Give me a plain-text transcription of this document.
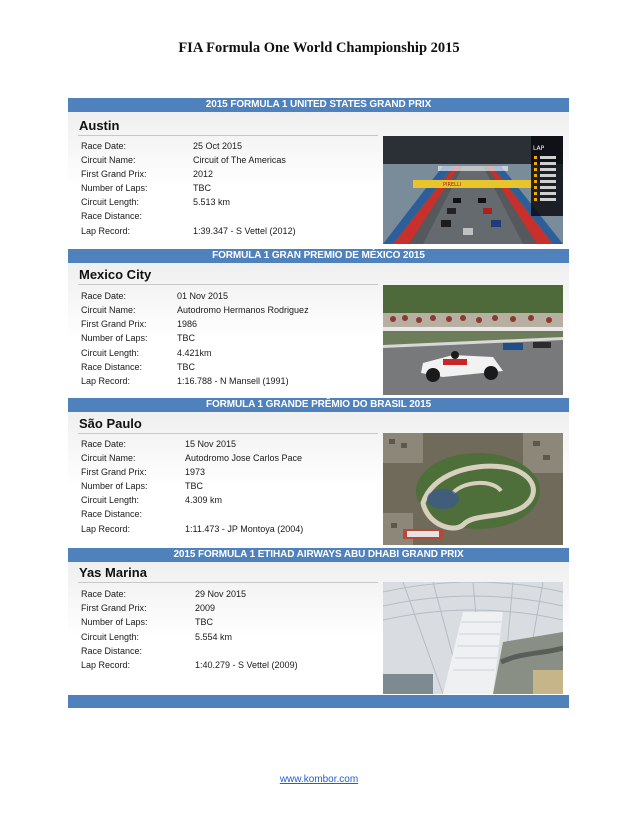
FIA Formula One World Championship 2015
2015 FORMULA 1 UNITED STATES GRAND PRIX
Austin
Race Date:	25 Oct 2015
Circuit Name:	Circuit of The Americas
First Grand Prix:	2012
Number of Laps:	TBC
Circuit Length:	5.513 km
Race Distance:
Lap Record:	1:39.347 - S Vettel (2012)
LAP
PIRELLI
FORMULA 1 GRAN PREMIO DE MÉXICO 2015
Mexico City
Race Date:	01 Nov 2015
Circuit Name:	Autodromo Hermanos Rodriguez
First Grand Prix:	1986
Number of Laps:	TBC
Circuit Length:	4.421km
Race Distance:	TBC
Lap Record:	1:16.788 - N Mansell (1991)
FORMULA 1 GRANDE PRÊMIO DO BRASIL 2015
São Paulo
Race Date:	15 Nov 2015
Circuit Name:	Autodromo Jose Carlos Pace
First Grand Prix:	1973
Number of Laps:	TBC
Circuit Length:	4.309 km
Race Distance:
Lap Record:	1:11.473 - JP Montoya (2004)
2015 FORMULA 1 ETIHAD AIRWAYS ABU DHABI GRAND PRIX
Yas Marina
Race Date:	29 Nov 2015
First Grand Prix:	2009
Number of Laps:	TBC
Circuit Length:	5.554 km
Race Distance:
Lap Record:	1:40.279 - S Vettel (2009)
www.kombor.com
